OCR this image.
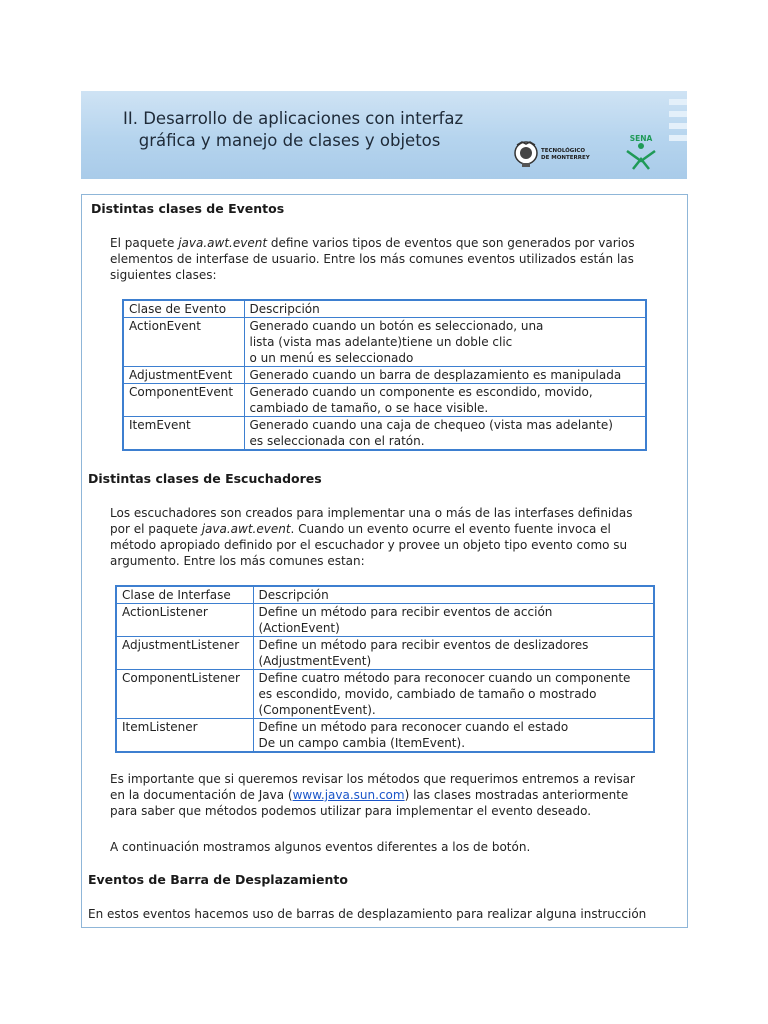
II. Desarrollo de aplicaciones con interfaz
gráfica y manejo de clases y objetos
TECNOLÓGICO
DE MONTERREY
SENA
Distintas clases de Eventos
El paquete java.awt.event define varios tipos de eventos que son generados por varios
elementos de interfase de usuario. Entre los más comunes eventos utilizados están las
siguientes clases:
Clase de Evento	Descripción
ActionEvent	Generado cuando un botón es seleccionado, una
lista (vista mas adelante)tiene un doble clic
o un menú es seleccionado
AdjustmentEvent	Generado cuando un barra de desplazamiento es manipulada
ComponentEvent	Generado cuando un componente es escondido, movido,
cambiado de tamaño, o se hace visible.
ItemEvent	Generado cuando una caja de chequeo (vista mas adelante)
es seleccionada con el ratón.
Distintas clases de Escuchadores
Los escuchadores son creados para implementar una o más de las interfases definidas
por el paquete java.awt.event. Cuando un evento ocurre el evento fuente invoca el
método apropiado definido por el escuchador y provee un objeto tipo evento como su
argumento. Entre los más comunes estan:
Clase de Interfase	Descripción
ActionListener	Define un método para recibir eventos de acción
(ActionEvent)
AdjustmentListener	Define un método para recibir eventos de deslizadores
(AdjustmentEvent)
ComponentListener	Define cuatro método para reconocer cuando un componente
es escondido, movido, cambiado de tamaño o mostrado
(ComponentEvent).
ItemListener	Define un método para reconocer cuando el estado
De un campo cambia (ItemEvent).
Es importante que si queremos revisar los métodos que requerimos entremos a revisar
en la documentación de Java (www.java.sun.com) las clases mostradas anteriormente
para saber que métodos podemos utilizar para implementar el evento deseado.
A continuación mostramos algunos eventos diferentes a los de botón.
Eventos de Barra de Desplazamiento
En estos eventos hacemos uso de barras de desplazamiento para realizar alguna instrucción
